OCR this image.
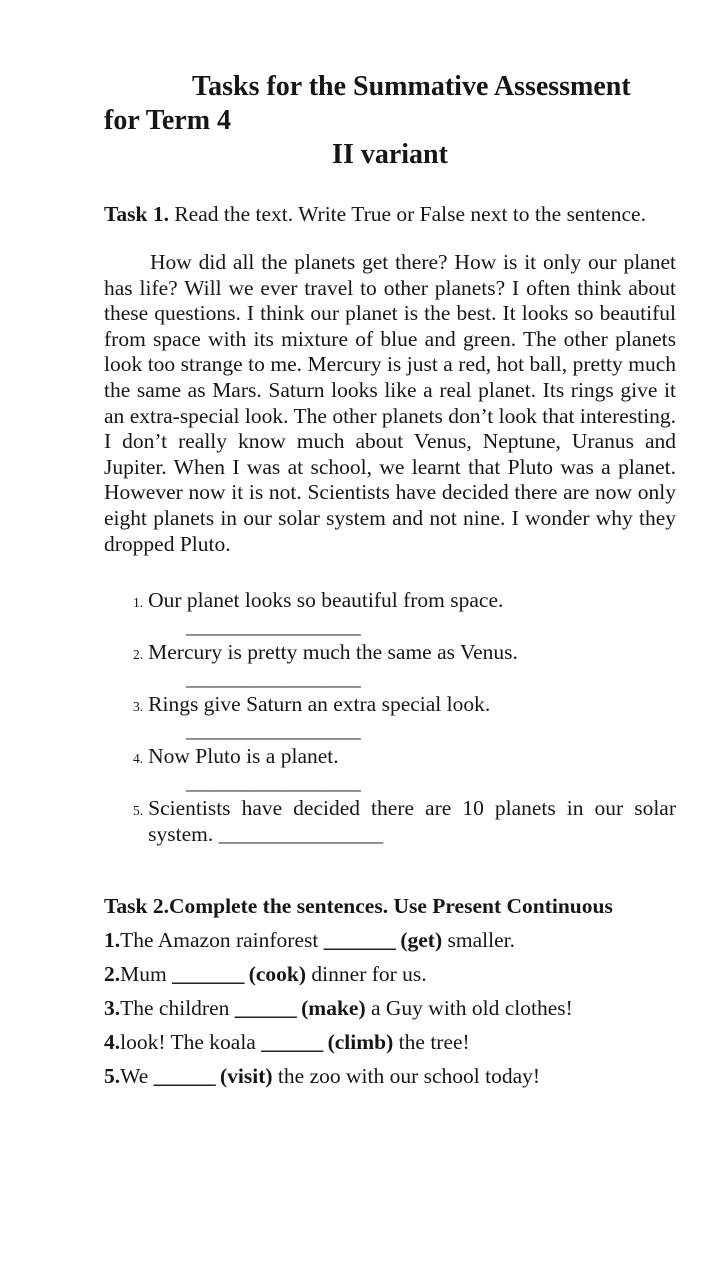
Tasks for the Summative Assessment
for Term 4
II variant
Task 1. Read the text. Write True or False next to the sentence.
How did all the planets get there? How is it only our planet has life? Will we ever travel to other planets? I often think about these questions. I think our planet is the best. It looks so beautiful from space with its mixture of blue and green. The other planets look too strange to me. Mercury is just a red, hot ball, pretty much the same as Mars. Saturn looks like a real planet. Its rings give it an extra-special look. The other planets don’t look that interesting. I don’t really know much about Venus, Neptune, Uranus and Jupiter. When I was at school, we learnt that Pluto was a planet. However now it is not. Scientists have decided there are now only eight planets in our solar system and not nine. I wonder why they dropped Pluto.
1. Our planet looks so beautiful from space.
_________________
2. Mercury is pretty much the same as Venus.
_________________
3. Rings give Saturn an extra special look.
_________________
4. Now Pluto is a planet.
_________________
5. Scientists have decided there are 10 planets in our solar system. ________________
Task 2.Complete the sentences. Use Present Continuous
1.The Amazon rainforest _______ (get) smaller.
2.Mum _______ (cook) dinner for us.
3.The children ______ (make) a Guy with old clothes!
4.look! The koala ______ (climb) the tree!
5.We ______ (visit) the zoo with our school today!
